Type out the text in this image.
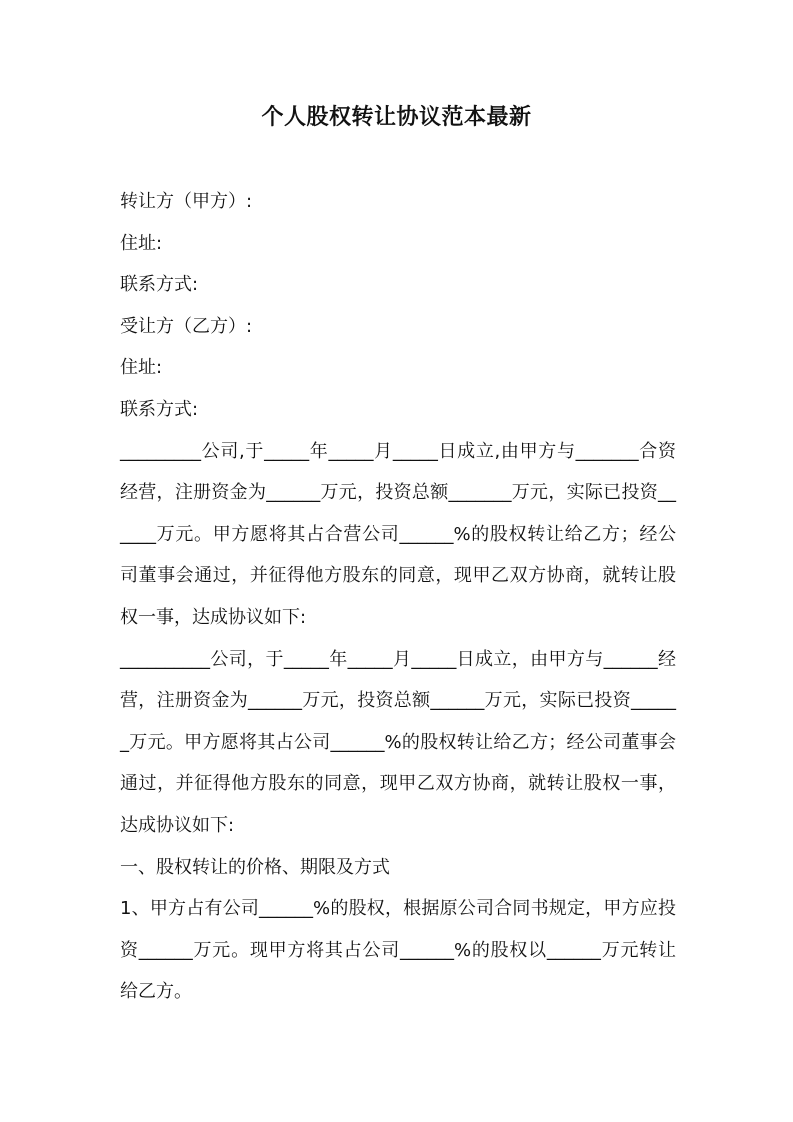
个人股权转让协议范本最新

转让方（甲方）:

住址:

联系方式:

受让方（乙方）:

住址:

联系方式:

_________公司,于_____年_____月_____日成立,由甲方与_______合资经营，注册资金为______万元，投资总额_______万元，实际已投资______万元。甲方愿将其占合营公司______%的股权转让给乙方；经公司董事会通过，并征得他方股东的同意，现甲乙双方协商，就转让股权一事，达成协议如下:

__________公司，于_____年_____月_____日成立，由甲方与______经营，注册资金为______万元，投资总额______万元，实际已投资______万元。甲方愿将其占公司______%的股权转让给乙方；经公司董事会通过，并征得他方股东的同意，现甲乙双方协商，就转让股权一事，达成协议如下:

一、股权转让的价格、期限及方式

1、甲方占有公司______%的股权，根据原公司合同书规定，甲方应投资______万元。现甲方将其占公司______%的股权以______万元转让给乙方。
